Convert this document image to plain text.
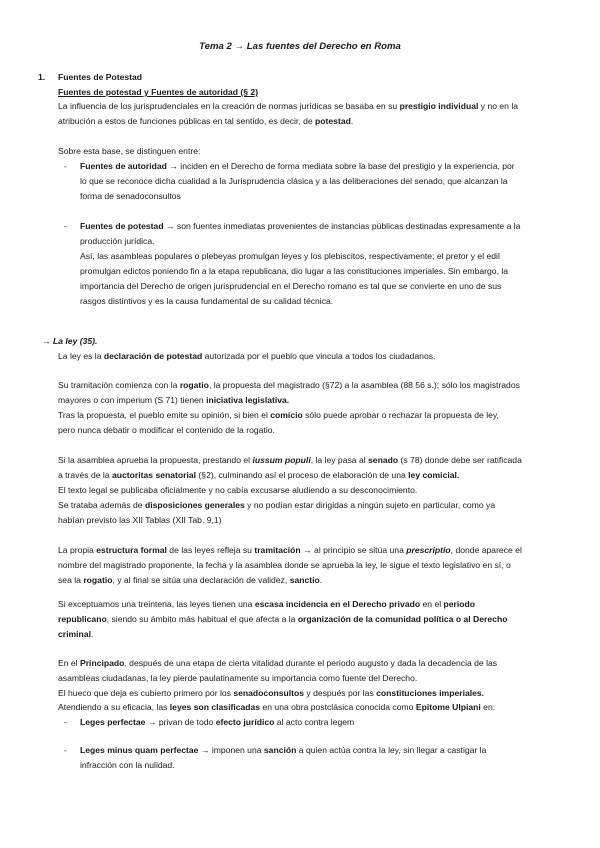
Tema 2 → Las fuentes del Derecho en Roma
1. Fuentes de Potestad
Fuentes de potestad y Fuentes de autoridad (§ 2)
La influencia de los jurisprudenciales en la creación de normas jurídicas se basaba en su prestigio individual y no en la
atribución a estos de funciones públicas en tal sentido, es decir, de potestad.
Sobre esta base, se distinguen entre:
- Fuentes de autoridad → inciden en el Derecho de forma mediata sobre la base del prestigio y la experiencia, por
lo que se reconoce dicha cualidad a la Jurisprudencia clásica y a las deliberaciones del senado, que alcanzan la
forma de senadoconsultos
- Fuentes de potestad → son fuentes inmediatas provenientes de instancias públicas destinadas expresamente a la
producción jurídica.
Así, las asambleas populares o plebeyas promulgan leyes y los plebiscitos, respectivamente; el pretor y el edil
promulgan edictos poniendo fin a la etapa republicana, dio lugar a las constituciones imperiales. Sin embargo, la
importancia del Derecho de origen jurisprudencial en el Derecho romano es tal que se convierte en uno de sus
rasgos distintivos y es la causa fundamental de su calidad técnica.
→ La ley (35).
La ley es la declaración de potestad autorizada por el pueblo que vincula a todos los ciudadanos.
Su tramitación comienza con la rogatio, la propuesta del magistrado (§72) a la asamblea (88 56 s.); sólo los magistrados
mayores o con imperium (S 71) tienen iniciativa legislativa.
Tras la propuesta, el pueblo emite su opinión, si bien el comicio sólo puede aprobar o rechazar la propuesta de ley,
pero nunca debatir o modificar el contenido de la rogatio.
Si la asamblea aprueba la propuesta, prestando el iussum populi, la ley pasa al senado (s 78) donde debe ser ratificada
a través de la auctoritas senatorial (§2), culminando así el proceso de elaboración de una ley comicial.
El texto legal se publicaba oficialmente y no cabía excusarse aludiendo a su desconocimiento.
Se trataba además de disposiciones generales y no podían estar dirigidas a ningún sujeto en particular, como ya
habían previsto las XII Tablas (XII Tab. 9,1)
La propia estructura formal de las leyes refleja su tramitación → al principio se sitúa una prescriptio, donde aparece el
nombre del magistrado proponente, la fecha y la asamblea donde se aprueba la ley, le sigue el texto legislativo en sí, o
sea la rogatio, y al final se sitúa una declaración de validez, sanctio.
Si exceptuamos una treintena, las leyes tienen una escasa incidencia en el Derecho privado en el periodo
republicano, siendo su ámbito más habitual el que afecta a la organización de la comunidad política o al Derecho
criminal.
En el Principado, después de una etapa de cierta vitalidad durante el periodo augusto y dada la decadencia de las
asambleas ciudadanas, la ley pierde paulatinamente su importancia como fuente del Derecho.
El hueco que deja es cubierto primero por los senadoconsultos y después por las constituciones imperiales.
Atendiendo a su eficacia, las leyes son clasificadas en una obra postclásica conocida como Epitome Ulpiani en:
- Leges perfectae → privan de todo efecto jurídico al acto contra legem
- Leges minus quam perfectae → imponen una sanción a quien actúa contra la ley, sin llegar a castigar la
infracción con la nulidad.
